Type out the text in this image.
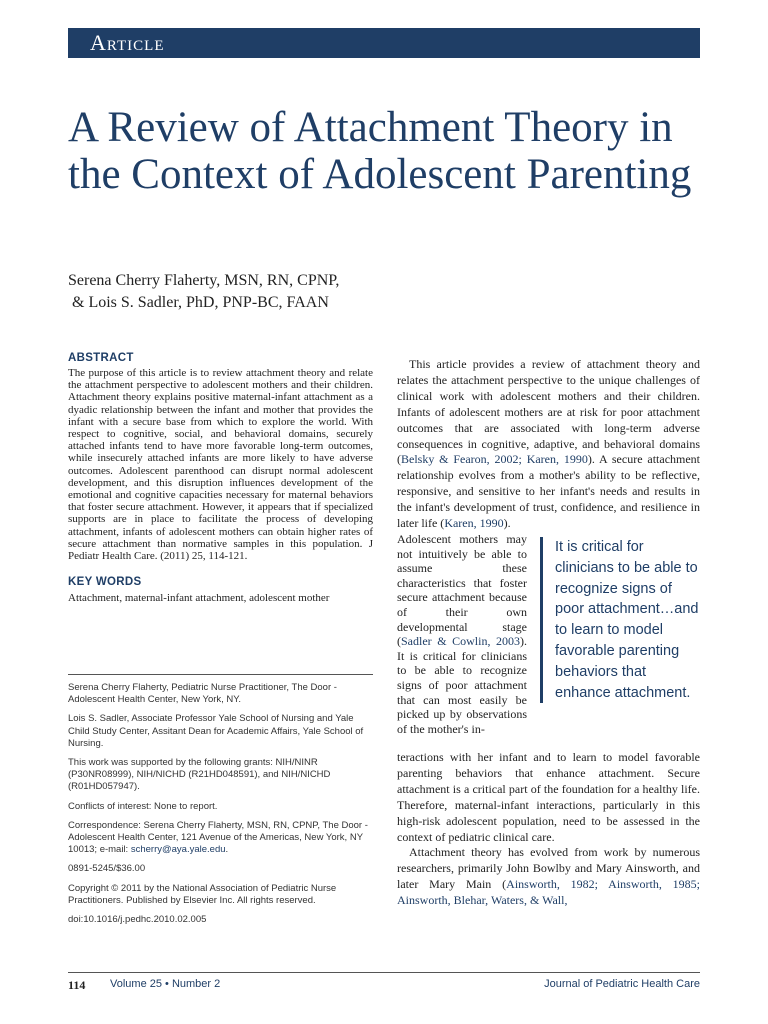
Article
A Review of Attachment Theory in the Context of Adolescent Parenting
Serena Cherry Flaherty, MSN, RN, CPNP,
& Lois S. Sadler, PhD, PNP-BC, FAAN
ABSTRACT

The purpose of this article is to review attachment theory and relate the attachment perspective to adolescent mothers and their children. Attachment theory explains positive maternal-infant attachment as a dyadic relationship between the infant and mother that provides the infant with a secure base from which to explore the world. With respect to cognitive, social, and behavioral domains, securely attached infants tend to have more favorable long-term outcomes, while insecurely attached infants are more likely to have adverse outcomes. Adolescent parenthood can disrupt normal adolescent development, and this disruption influences development of the emotional and cognitive capacities necessary for maternal behaviors that foster secure attachment. However, it appears that if specialized supports are in place to facilitate the process of developing attachment, infants of adolescent mothers can obtain higher rates of secure attachment than normative samples in this population. J Pediatr Health Care. (2011) 25, 114-121.

KEY WORDS

Attachment, maternal-infant attachment, adolescent mother

Serena Cherry Flaherty, Pediatric Nurse Practitioner, The Door - Adolescent Health Center, New York, NY.

Lois S. Sadler, Associate Professor Yale School of Nursing and Yale Child Study Center, Assitant Dean for Academic Affairs, Yale School of Nursing.

This work was supported by the following grants: NIH/NINR (P30NR08999), NIH/NICHD (R21HD048591), and NIH/NICHD (R01HD057947).

Conflicts of interest: None to report.

Correspondence: Serena Cherry Flaherty, MSN, RN, CPNP, The Door - Adolescent Health Center, 121 Avenue of the Americas, New York, NY 10013; e-mail: scherry@aya.yale.edu.

0891-5245/$36.00

Copyright © 2011 by the National Association of Pediatric Nurse Practitioners. Published by Elsevier Inc. All rights reserved.

doi:10.1016/j.pedhc.2010.02.005

This article provides a review of attachment theory and relates the attachment perspective to the unique challenges of clinical work with adolescent mothers and their children. Infants of adolescent mothers are at risk for poor attachment outcomes that are associated with long-term adverse consequences in cognitive, adaptive, and behavioral domains (Belsky & Fearon, 2002; Karen, 1990). A secure attachment relationship evolves from a mother's ability to be reflective, responsive, and sensitive to her infant's needs and results in the infant's development of trust, confidence, and resilience in later life (Karen, 1990).

Adolescent mothers may not intuitively be able to assume these characteristics that foster secure attachment because of their own developmental stage (Sadler & Cowlin, 2003). It is critical for clinicians to be able to recognize signs of poor attachment that can most easily be picked up by observations of the mother's in-

It is critical for clinicians to be able to recognize signs of poor attachment…and to learn to model favorable parenting behaviors that enhance attachment.

teractions with her infant and to learn to model favorable parenting behaviors that enhance attachment. Secure attachment is a critical part of the foundation for a healthy life. Therefore, maternal-infant interactions, particularly in this high-risk adolescent population, need to be assessed in the context of pediatric clinical care.

Attachment theory has evolved from work by numerous researchers, primarily John Bowlby and Mary Ainsworth, and later Mary Main (Ainsworth, 1982; Ainsworth, 1985; Ainsworth, Blehar, Waters, & Wall,

114 Volume 25 • Number 2	Journal of Pediatric Health Care
